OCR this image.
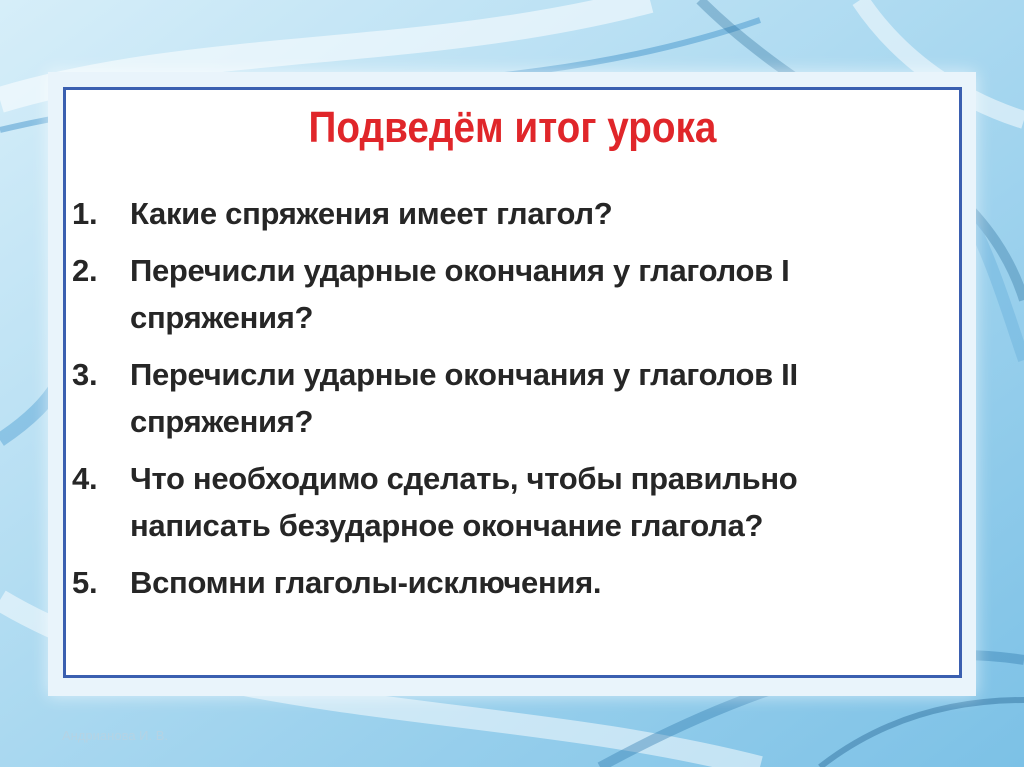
Подведём итог урока
1. Какие спряжения имеет глагол?
2. Перечисли ударные окончания у глаголов I спряжения?
3. Перечисли ударные окончания у глаголов II спряжения?
4. Что необходимо сделать, чтобы правильно написать безударное окончание глагола?
5. Вспомни глаголы-исключения.
Андрианова И. В.
